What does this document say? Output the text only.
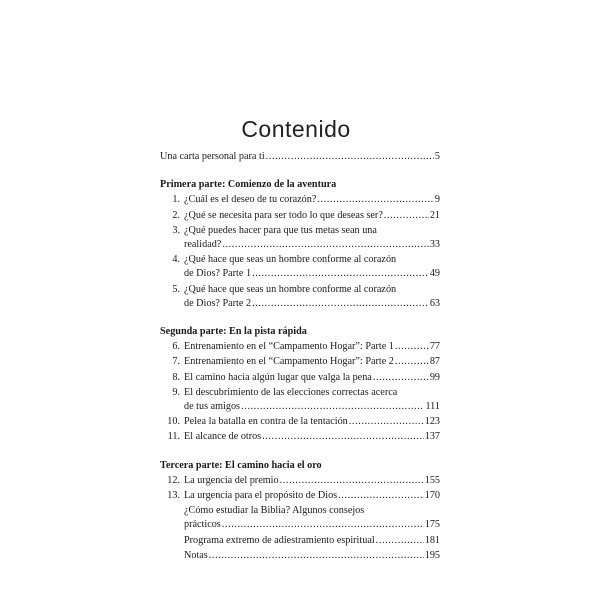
Contenido
Una carta personal para ti .....	5
Primera parte: Comienzo de la aventura
1. ¿Cuál es el deseo de tu corazón? .....	9
2. ¿Qué se necesita para ser todo lo que deseas ser? .....	21
3. ¿Qué puedes hacer para que tus metas sean una
realidad? .....	33
4. ¿Qué hace que seas un hombre conforme al corazón
de Dios? Parte 1 .....	49
5. ¿Qué hace que seas un hombre conforme al corazón
de Dios? Parte 2 .....	63
Segunda parte: En la pista rápida
6. Entrenamiento en el “Campamento Hogar”: Parte 1 .....	77
7. Entrenamiento en el “Campamento Hogar”: Parte 2 .....	87
8. El camino hacia algún lugar que valga la pena .....	99
9. El descubrimiento de las elecciones correctas acerca
de tus amigos .....	111
10. Pelea la batalla en contra de la tentación .....	123
11. El alcance de otros .....	137
Tercera parte: El camino hacia el oro
12. La urgencia del premio .....	155
13. La urgencia para el propósito de Dios .....	170
¿Cómo estudiar la Biblia? Algunos consejos
prácticos .....	175
Programa extremo de adiestramiento espiritual .....	181
Notas .....	195
